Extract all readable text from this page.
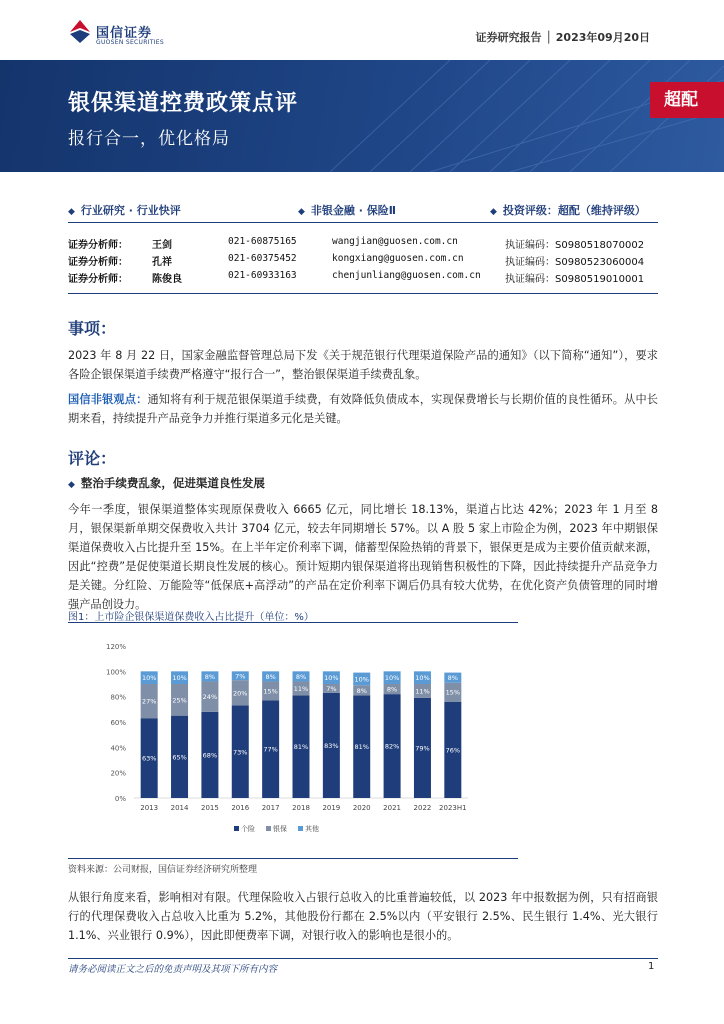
国信证券
GUOSEN SECURITIES	证券研究报告 │ 2023年09月20日
银保渠道控费政策点评
报行合一，优化格局
超配
◆ 行业研究 · 行业快评	◆ 非银金融 · 保险Ⅱ	◆ 投资评级：超配（维持评级）
证券分析师： 王剑	021-60875165	wangjian@guosen.com.cn	执证编码：S0980518070002
证券分析师： 孔祥	021-60375452	kongxiang@guosen.com.cn	执证编码：S0980523060004
证券分析师： 陈俊良	021-60933163	chenjunliang@guosen.com.cn 执证编码：S0980519010001
事项：
2023 年 8 月 22 日，国家金融监督管理总局下发《关于规范银行代理渠道保险产品的通知》（以下简称“通知”），要求各险企银保渠道手续费严格遵守“报行合一”，整治银保渠道手续费乱象。
国信非银观点：通知将有利于规范银保渠道手续费，有效降低负债成本，实现保费增长与长期价值的良性循环。从中长期来看，持续提升产品竞争力并推行渠道多元化是关键。
评论：
◆ 整治手续费乱象，促进渠道良性发展
今年一季度，银保渠道整体实现原保费收入 6665 亿元，同比增长 18.13%，渠道占比达 42%；2023 年 1 月至 8 月，银保渠新单期交保费收入共计 3704 亿元，较去年同期增长 57%。以 A 股 5 家上市险企为例，2023 年中期银保渠道保费收入占比提升至 15%。在上半年定价利率下调，储蓄型保险热销的背景下，银保更是成为主要价值贡献来源，因此“控费”是促使渠道长期良性发展的核心。预计短期内银保渠道将出现销售积极性的下降，因此持续提升产品竞争力是关键。分红险、万能险等“低保底+高浮动”的产品在定价利率下调后仍具有较大优势，在优化资产负债管理的同时增强产品创设力。
图1：上市险企银保渠道保费收入占比提升（单位：%）
0%
20%
40%
60%
80%
100%
120%
63%
27%
10%
2013
65%
25%
10%
2014
68%
24%
8%
2015
73%
20%
7%
2016
77%
15%
8%
2017
81%
11%
8%
2018
83%
7%
10%
2019
81%
8%
10%
2020
82%
8%
10%
2021
79%
11%
10%
2022
76%
15%
8%
2023H1
个险	银保	其他
资料来源：公司财报，国信证券经济研究所整理
从银行角度来看，影响相对有限。代理保险收入占银行总收入的比重普遍较低，以 2023 年中报数据为例，只有招商银行的代理保费收入占总收入比重为 5.2%，其他股份行都在 2.5%以内（平安银行 2.5%、民生银行 1.4%、光大银行 1.1%、兴业银行 0.9%），因此即便费率下调，对银行收入的影响也是很小的。
请务必阅读正文之后的免责声明及其项下所有内容	1
